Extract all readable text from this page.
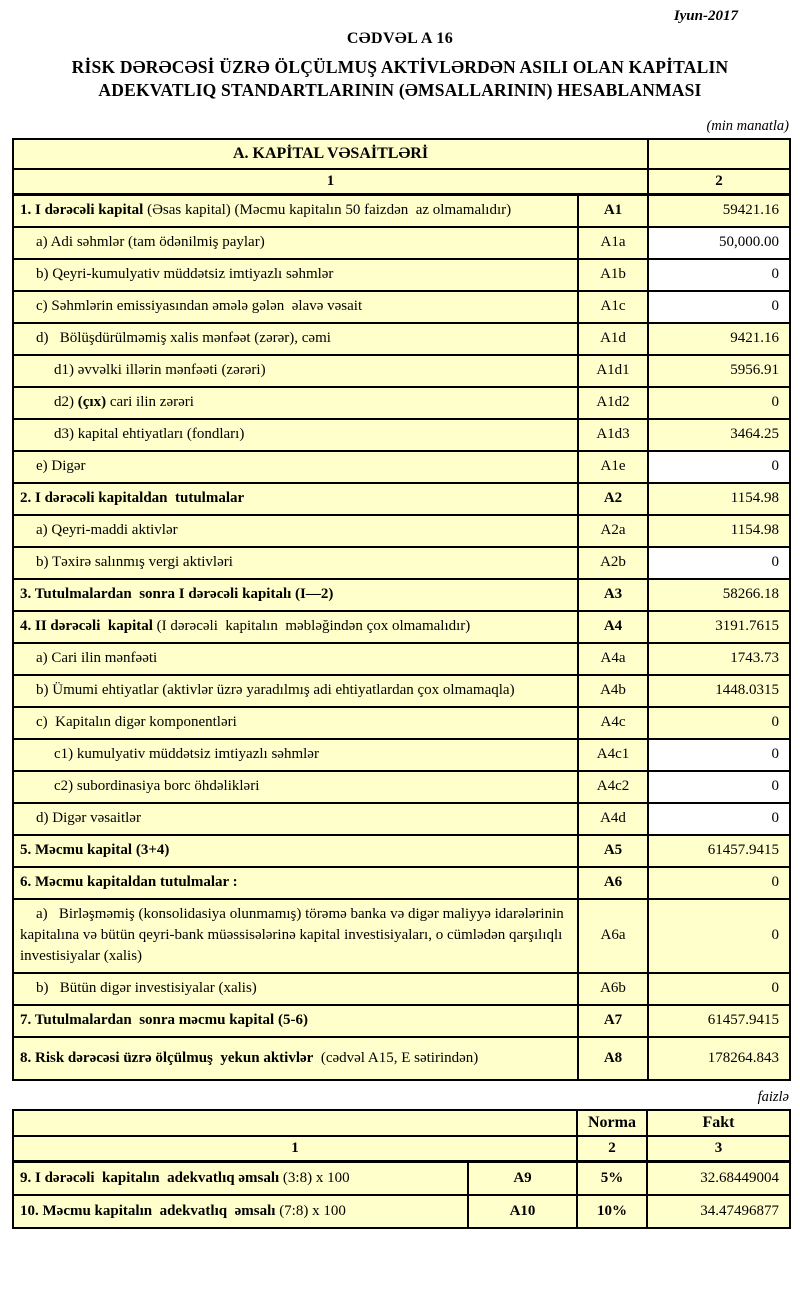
Iyun-2017
CƏDVƏL A 16
RİSK DƏRƏCƏSİ ÜZRƏ ÖLÇÜLMUŞ AKTİVLƏRDƏN ASILI OLAN KAPİTALIN
ADEKVATLIQ STANDARTLARININ (ƏMSALLARININ) HESABLANMASI
(min manatla)
A. KAPİTAL VƏSAİTLƏRİ		
1		2
1. I dərəcəli kapital (Əsas kapital) (Məcmu kapitalın 50 faizdən  az olmamalıdır)	A1	59421.16
a) Adi səhmlər (tam ödənilmiş paylar)	A1a	50,000.00
b) Qeyri-kumulyativ müddətsiz imtiyazlı səhmlər	A1b	0
c) Səhmlərin emissiyasından əmələ gələn  əlavə vəsait	A1c	0
d)   Bölüşdürülməmiş xalis mənfəət (zərər), cəmi	A1d	9421.16
d1) əvvəlki illərin mənfəəti (zərəri)	A1d1	5956.91
d2) (çıx) cari ilin zərəri	A1d2	0
d3) kapital ehtiyatları (fondları)	A1d3	3464.25
e) Digər	A1e	0
2. I dərəcəli kapitaldan  tutulmalar	A2	1154.98
a) Qeyri-maddi aktivlər	A2a	1154.98
b) Təxirə salınmış vergi aktivləri	A2b	0
3. Tutulmalardan  sonra I dərəcəli kapitalı (I—2)	A3	58266.18
4. II dərəcəli  kapital (I dərəcəli  kapitalın  məbləğindən çox olmamalıdır)	A4	3191.7615
a) Cari ilin mənfəəti	A4a	1743.73
b) Ümumi ehtiyatlar (aktivlər üzrə yaradılmış adi ehtiyatlardan çox olmamaqla)	A4b	1448.0315
c)  Kapitalın digər komponentləri	A4c	0
c1) kumulyativ müddətsiz imtiyazlı səhmlər	A4c1	0
c2) subordinasiya borc öhdəlikləri	A4c2	0
d) Digər vəsaitlər	A4d	0
5. Məcmu kapital (3+4)	A5	61457.9415
6. Məcmu kapitaldan tutulmalar :	A6	0
a)   Birləşməmiş (konsolidasiya olunmamış) törəmə banka və digər maliyyə idarələrinin kapitalına və bütün qeyri-bank müəssisələrinə kapital investisiyaları, o cümlədən qarşılıqlı investisiyalar (xalis)	A6a	0
b)   Bütün digər investisiyalar (xalis)	A6b	0
7. Tutulmalardan  sonra məcmu kapital (5-6)	A7	61457.9415
8. Risk dərəcəsi üzrə ölçülmuş  yekun aktivlər  (cədvəl A15, E sətirindən)	A8	178264.843
faizlə
		Norma	Fakt
1		2	3
9. I dərəcəli  kapitalın  adekvatlıq əmsalı (3:8) x 100	A9	5%	32.68449004
10. Məcmu kapitalın  adekvatlıq  əmsalı (7:8) x 100	A10	10%	34.47496877
